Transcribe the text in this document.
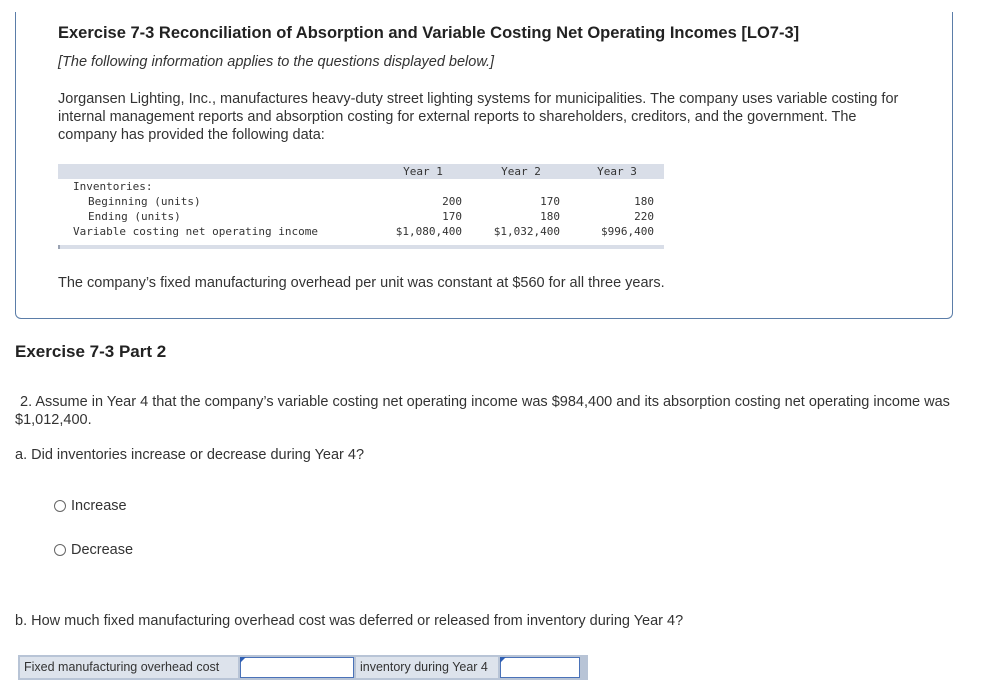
Exercise 7-3 Reconciliation of Absorption and Variable Costing Net Operating Incomes [LO7-3]

[The following information applies to the questions displayed below.]

Jorgansen Lighting, Inc., manufactures heavy-duty street lighting systems for municipalities. The company uses variable costing for internal management reports and absorption costing for external reports to shareholders, creditors, and the government. The company has provided the following data:

	Year 1	Year 2	Year 3
Inventories:			
Beginning (units)	200	170	180
Ending (units)	170	180	220
Variable costing net operating income	$1,080,400	$1,032,400	$996,400

The company’s fixed manufacturing overhead per unit was constant at $560 for all three years.

Exercise 7-3 Part 2

2. Assume in Year 4 that the company’s variable costing net operating income was $984,400 and its absorption costing net operating income was $1,012,400.

a. Did inventories increase or decrease during Year 4?

Increase
Decrease

b. How much fixed manufacturing overhead cost was deferred or released from inventory during Year 4?

Fixed manufacturing overhead cost	inventory during Year 4
